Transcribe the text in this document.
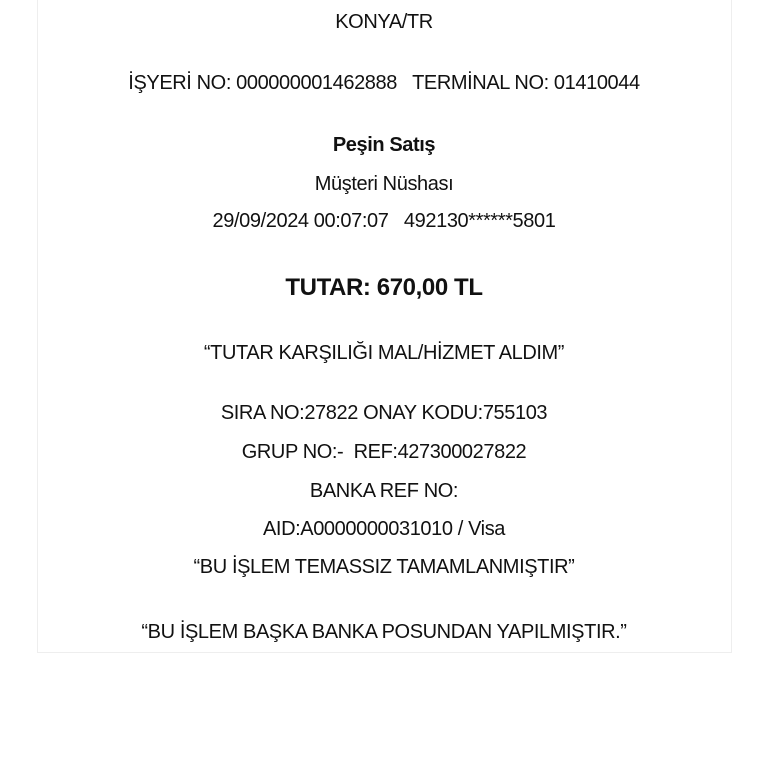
KONYA/TR
İŞYERİ NO: 000000001462888   TERMİNAL NO: 01410044
Peşin Satış
Müşteri Nüshası
29/09/2024 00:07:07   492130******5801
TUTAR: 670,00 TL
“TUTAR KARŞILIĞI MAL/HİZMET ALDIM”
SIRA NO:27822 ONAY KODU:755103
GRUP NO:-  REF:427300027822
BANKA REF NO:
AID:A0000000031010 / Visa
“BU İŞLEM TEMASSIZ TAMAMLANMIŞTIR”
“BU İŞLEM BAŞKA BANKA POSUNDAN YAPILMIŞTIR.”
